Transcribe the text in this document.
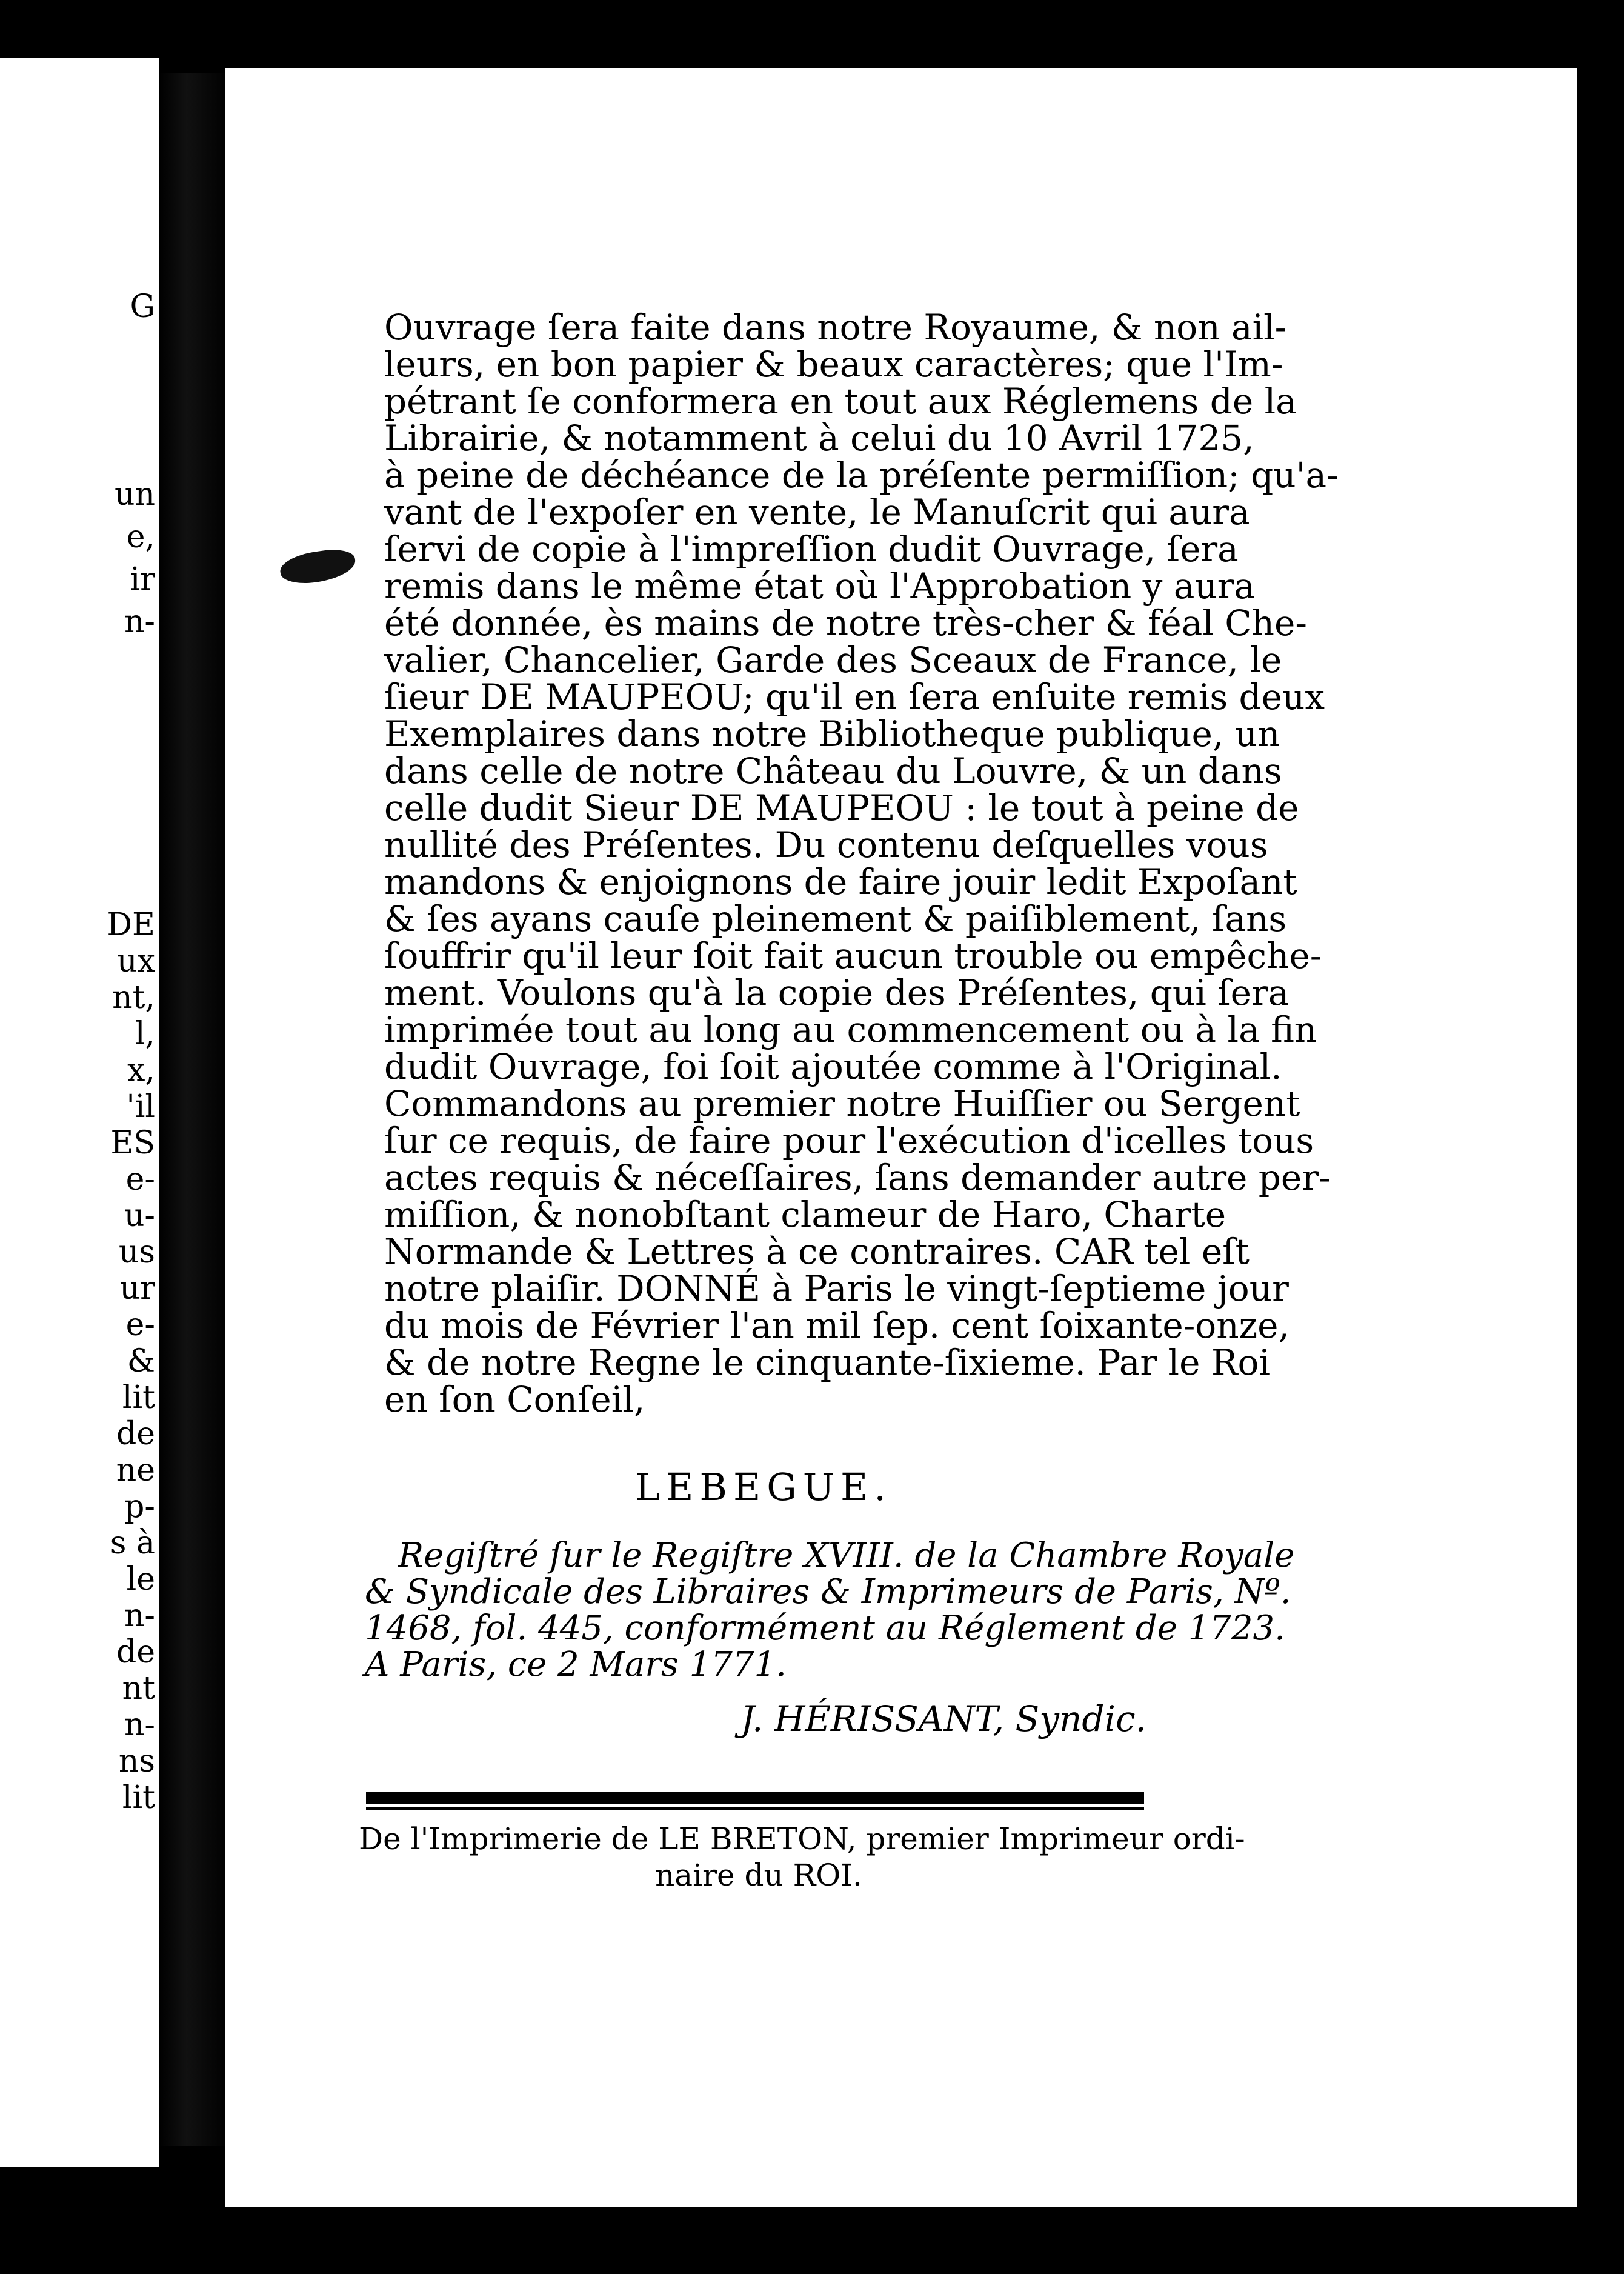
G
un
e,
ir
n-
DE
ux
nt,
l,
x,
'il
ES
e-
u-
us
ur
e-
&
lit
de
ne
p-
s à
le
n-
de
nt
n-
ns
lit
Ouvrage ſera faite dans notre Royaume, & non ail-
leurs, en bon papier & beaux caractères; que l'Im-
pétrant ſe conformera en tout aux Réglemens de la
Librairie, & notamment à celui du 10 Avril 1725,
à peine de déchéance de la préſente permiſſion; qu'a-
vant de l'expoſer en vente, le Manuſcrit qui aura
ſervi de copie à l'impreſſion dudit Ouvrage, ſera
remis dans le même état où l'Approbation y aura
été donnée, ès mains de notre très-cher & féal Che-
valier, Chancelier, Garde des Sceaux de France, le
ſieur DE MAUPEOU; qu'il en ſera enſuite remis deux
Exemplaires dans notre Bibliotheque publique, un
dans celle de notre Château du Louvre, & un dans
celle dudit Sieur DE MAUPEOU : le tout à peine de
nullité des Préſentes. Du contenu deſquelles vous
mandons & enjoignons de faire jouir ledit Expoſant
& ſes ayans cauſe pleinement & paiſiblement, ſans
ſouffrir qu'il leur ſoit fait aucun trouble ou empêche-
ment. Voulons qu'à la copie des Préſentes, qui ſera
imprimée tout au long au commencement ou à la fin
dudit Ouvrage, foi ſoit ajoutée comme à l'Original.
Commandons au premier notre Huiſſier ou Sergent
ſur ce requis, de faire pour l'exécution d'icelles tous
actes requis & néceſſaires, ſans demander autre per-
miſſion, & nonobſtant clameur de Haro, Charte
Normande & Lettres à ce contraires. CAR tel eſt
notre plaiſir. DONNÉ à Paris le vingt-ſeptieme jour
du mois de Février l'an mil ſep. cent ſoixante-onze,
& de notre Regne le cinquante-ſixieme. Par le Roi
en ſon Conſeil,
LEBEGUE.
Regiſtré ſur le Regiſtre XVIII. de la Chambre Royale
& Syndicale des Libraires & Imprimeurs de Paris, Nº.
1468, fol. 445, conformément au Réglement de 1723.
A Paris, ce 2 Mars 1771.
J. HÉRISSANT, Syndic.
De l'Imprimerie de LE BRETON, premier Imprimeur ordi-
naire du ROI.
